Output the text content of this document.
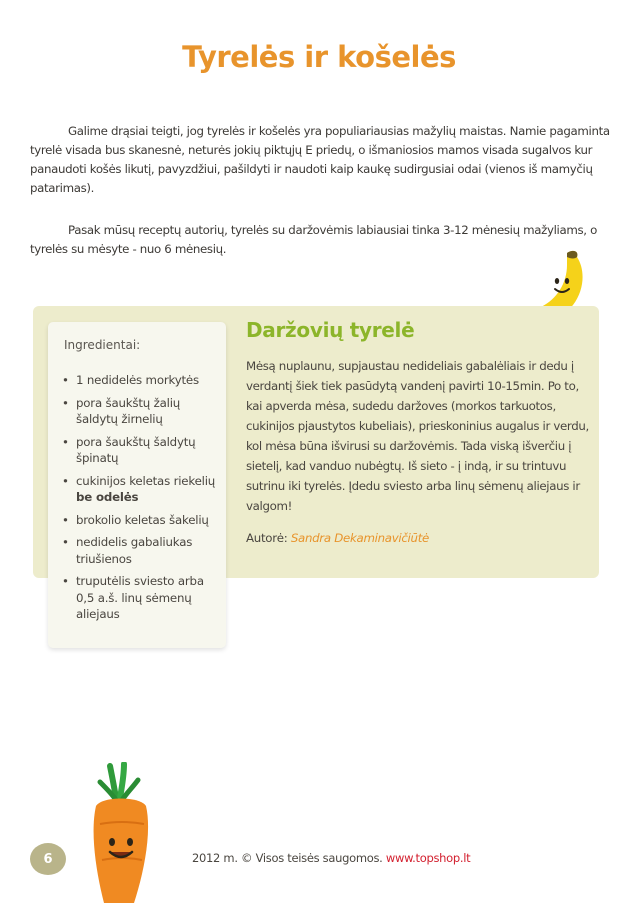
Tyrelės ir košelės

Galime drąsiai teigti, jog tyrelės ir košelės yra populiariausias mažylių maistas. Namie pagaminta tyrelė visada bus skanesnė, neturės jokių piktųjų E priedų, o išmaniosios mamos visada sugalvos kur panaudoti košės likutį, pavyzdžiui, pašildyti ir naudoti kaip kaukę sudirgusiai odai (vienos iš mamyčių patarimas).

Pasak mūsų receptų autorių, tyrelės su daržovėmis labiausiai tinka 3-12 mėnesių mažyliams, o tyrelės su mėsyte - nuo 6 mėnesių.

Ingredientai:
• 1 nedidelės morkytės
• pora šaukštų žalių šaldytų žirnelių
• pora šaukštų šaldytų špinatų
• cukinijos keletas riekelių be odelės
• brokolio keletas šakelių
• nedidelis gabaliukas triušienos
• truputėlis sviesto arba 0,5 a.š. linų sėmenų aliejaus
Daržovių tyrelė

Mėsą nuplaunu, supjaustau nedideliais gabalėliais ir dedu į verdantį šiek tiek pasūdytą vandenį pavirti 10-15min. Po to, kai apverda mėsa, sudedu daržoves (morkos tarkuotos, cukinijos pjaustytos kubeliais), prieskoninius augalus ir verdu, kol mėsa būna išvirusi su daržovėmis. Tada viską išverčiu į sietelį, kad vanduo nubėgtų. Iš sieto - į indą, ir su trintuvu sutrinu iki tyrelės. Įdedu sviesto arba linų sėmenų aliejaus ir valgom!

Autorė: Sandra Dekaminavičiūtė
6	2012 m. © Visos teisės saugomos. www.topshop.lt
